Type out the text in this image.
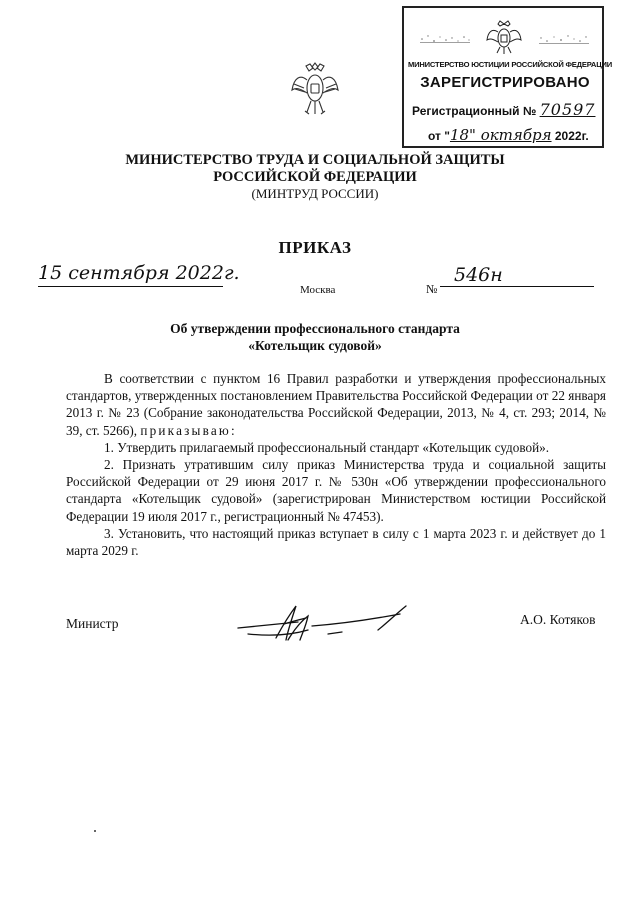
МИНИСТЕРСТВО ЮСТИЦИИ РОССИЙСКОЙ ФЕДЕРАЦИИ
ЗАРЕГИСТРИРОВАНО
Регистрационный № 70597
от "18" октября 2022г.
МИНИСТЕРСТВО ТРУДА И СОЦИАЛЬНОЙ ЗАЩИТЫ
РОССИЙСКОЙ ФЕДЕРАЦИИ
(МИНТРУД РОССИИ)
ПРИКАЗ
15 сентября 2022г.
Москва	№
546н
Об утверждении профессионального стандарта
«Котельщик судовой»

В соответствии с пунктом 16 Правил разработки и утверждения профессиональных стандартов, утвержденных постановлением Правительства Российской Федерации от 22 января 2013 г. № 23 (Собрание законодательства Российской Федерации, 2013, № 4, ст. 293; 2014, № 39, ст. 5266), приказываю:

1. Утвердить прилагаемый профессиональный стандарт «Котельщик судовой».

2. Признать утратившим силу приказ Министерства труда и социальной защиты Российской Федерации от 29 июня 2017 г. № 530н «Об утверждении профессионального стандарта «Котельщик судовой» (зарегистрирован Министерством юстиции Российской Федерации 19 июля 2017 г., регистрационный № 47453).

3. Установить, что настоящий приказ вступает в силу с 1 марта 2023 г. и действует до 1 марта 2029 г.

Министр	А.О. Котяков
